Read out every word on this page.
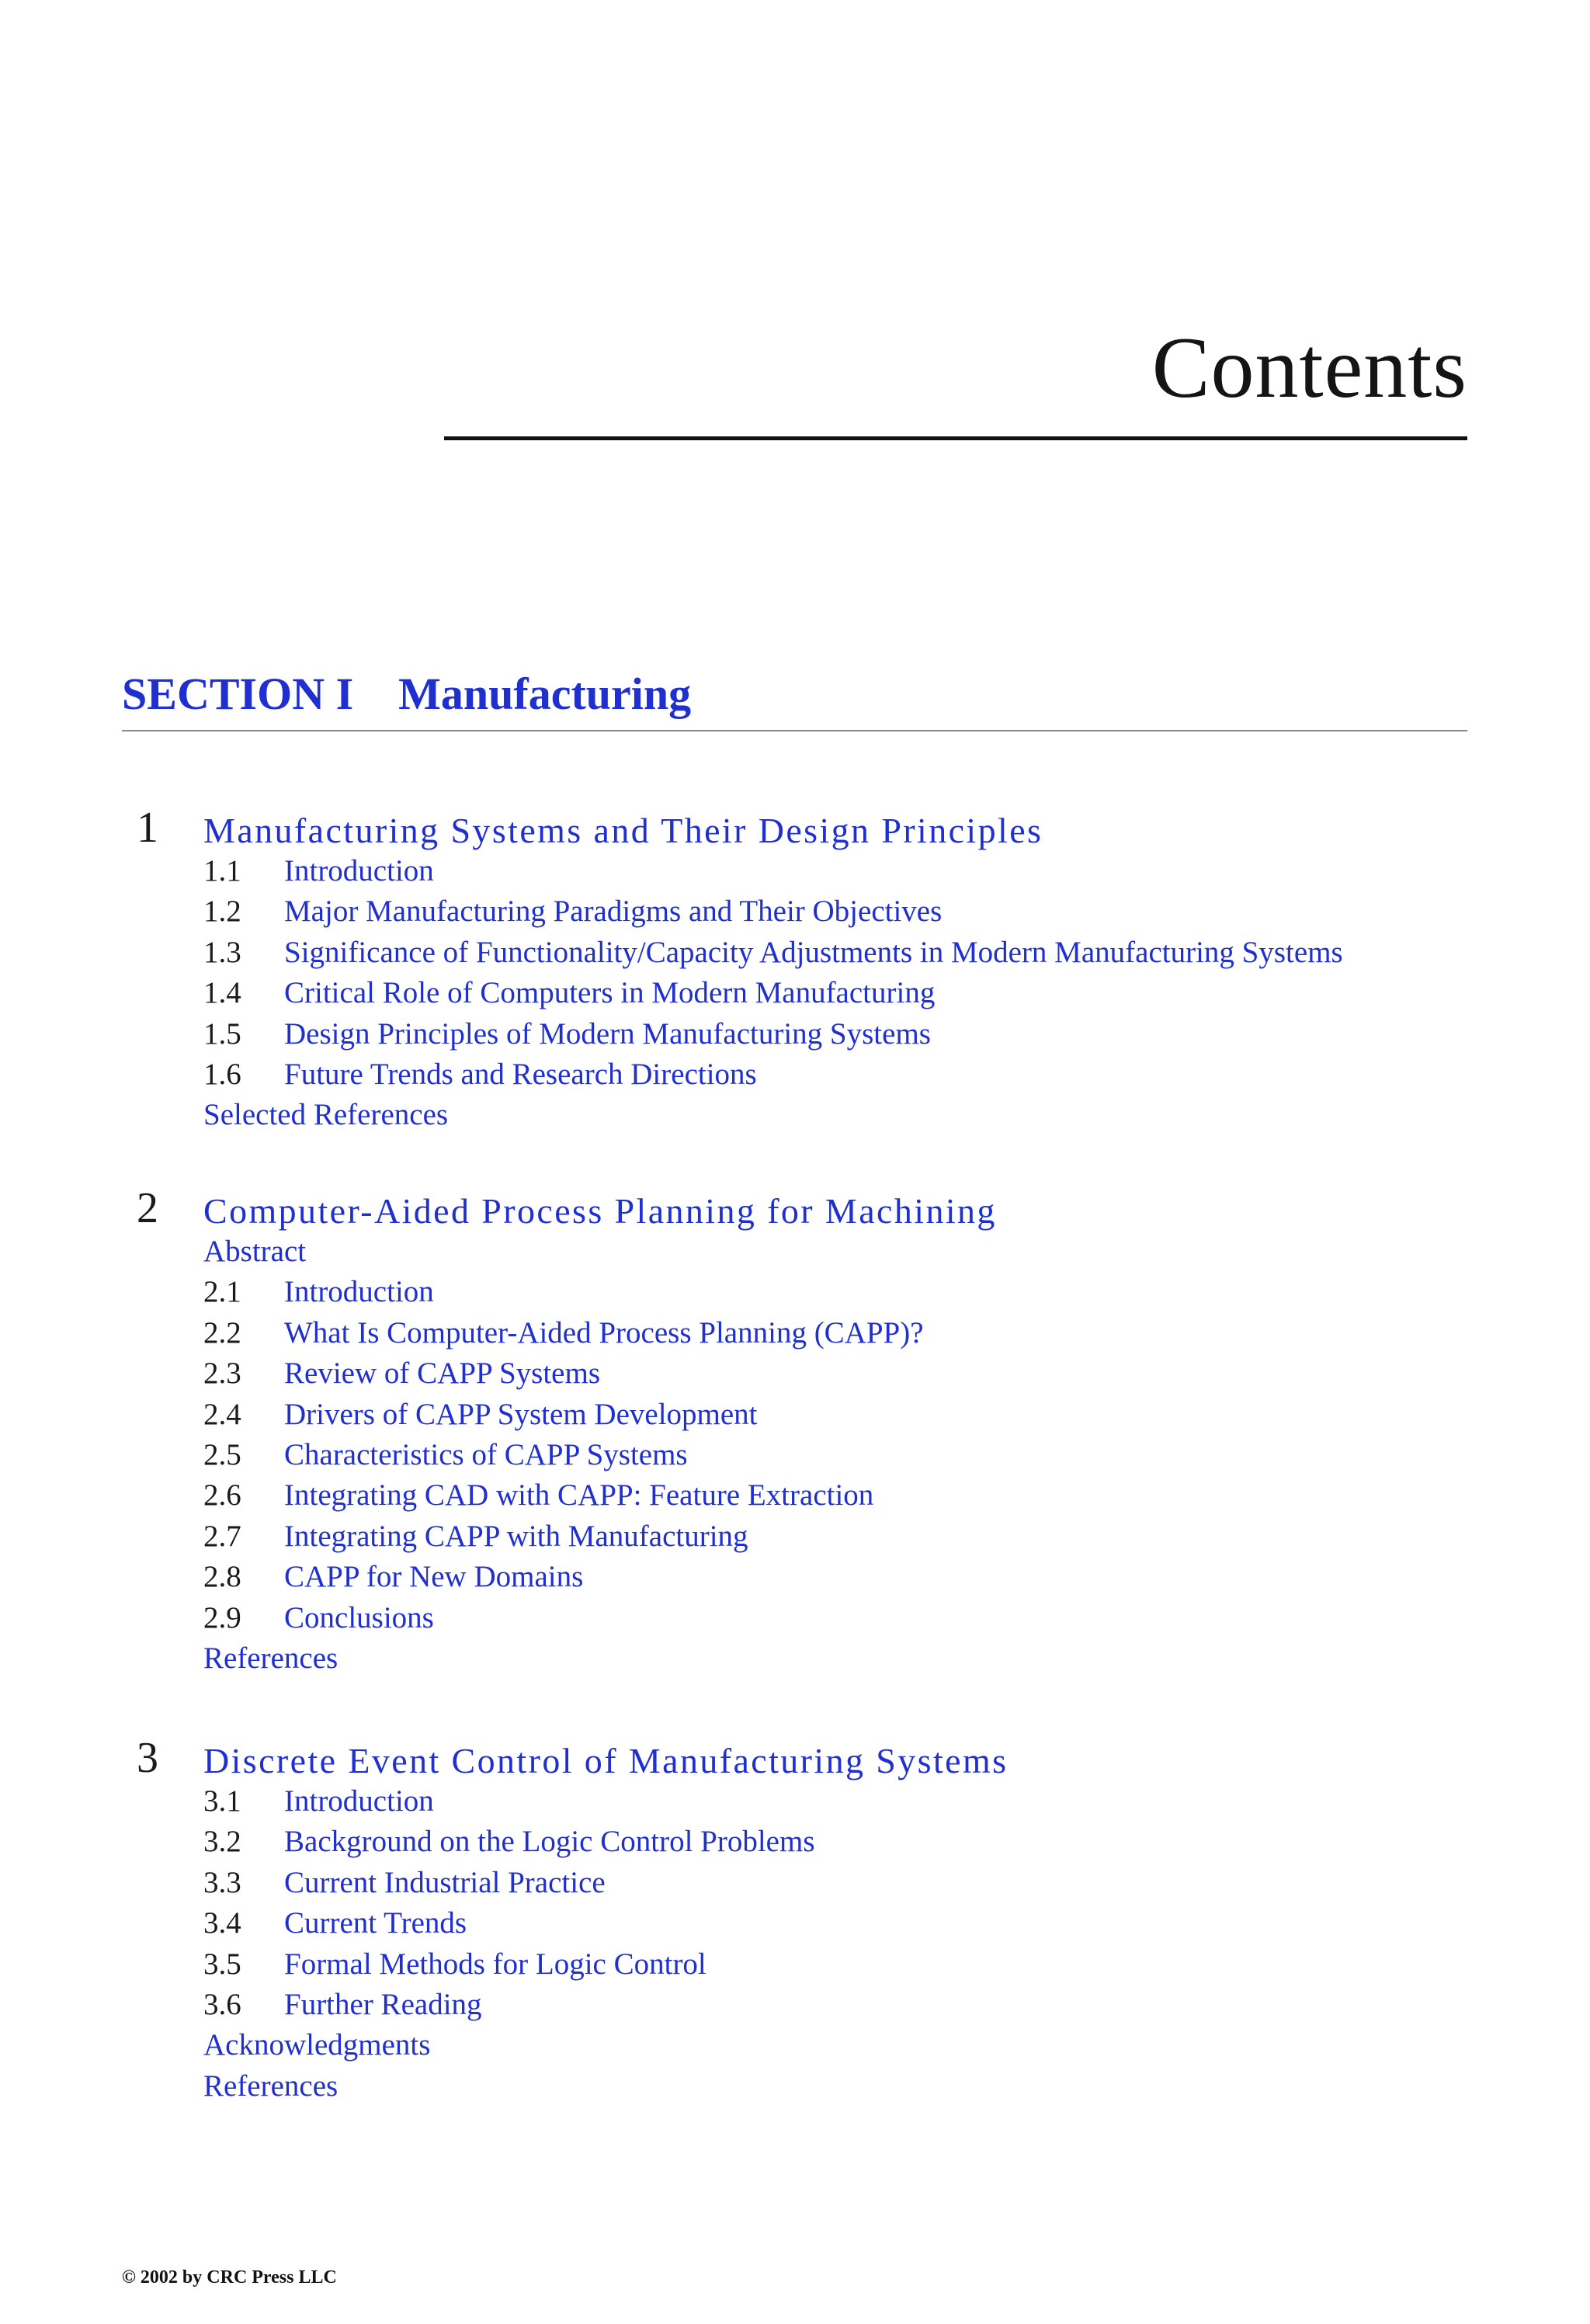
Contents
SECTION I Manufacturing
1 Manufacturing Systems and Their Design Principles
1.1 Introduction
1.2 Major Manufacturing Paradigms and Their Objectives
1.3 Significance of Functionality/Capacity Adjustments in Modern Manufacturing Systems
1.4 Critical Role of Computers in Modern Manufacturing
1.5 Design Principles of Modern Manufacturing Systems
1.6 Future Trends and Research Directions
Selected References
2 Computer-Aided Process Planning for Machining
Abstract
2.1 Introduction
2.2 What Is Computer-Aided Process Planning (CAPP)?
2.3 Review of CAPP Systems
2.4 Drivers of CAPP System Development
2.5 Characteristics of CAPP Systems
2.6 Integrating CAD with CAPP: Feature Extraction
2.7 Integrating CAPP with Manufacturing
2.8 CAPP for New Domains
2.9 Conclusions
References
3 Discrete Event Control of Manufacturing Systems
3.1 Introduction
3.2 Background on the Logic Control Problems
3.3 Current Industrial Practice
3.4 Current Trends
3.5 Formal Methods for Logic Control
3.6 Further Reading
Acknowledgments
References
© 2002 by CRC Press LLC
